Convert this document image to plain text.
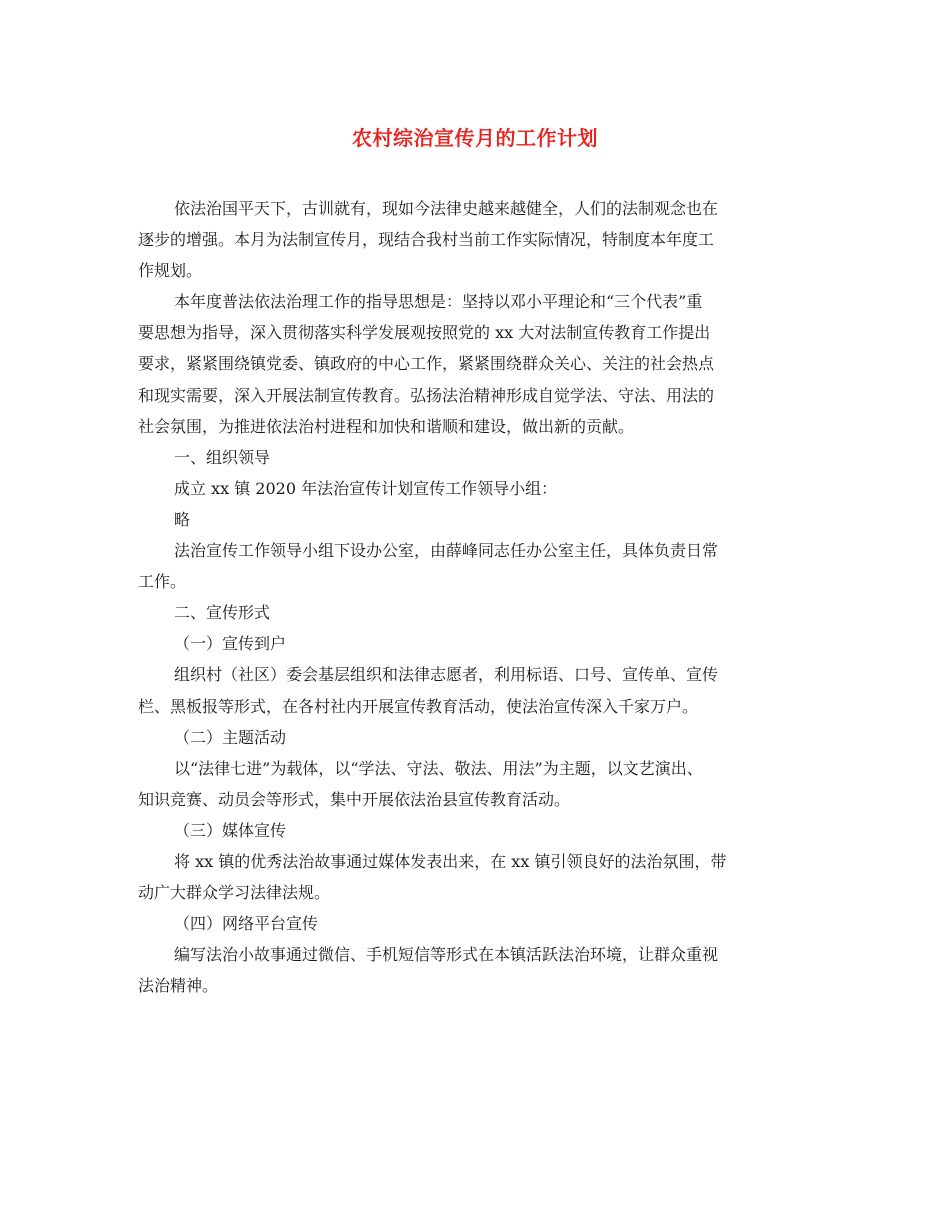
农村综治宣传月的工作计划
依法治国平天下，古训就有，现如今法律史越来越健全，人们的法制观念也在
逐步的增强。本月为法制宣传月，现结合我村当前工作实际情况，特制度本年度工
作规划。
本年度普法依法治理工作的指导思想是：坚持以邓小平理论和“三个代表”重
要思想为指导，深入贯彻落实科学发展观按照党的 xx 大对法制宣传教育工作提出
要求，紧紧围绕镇党委、镇政府的中心工作，紧紧围绕群众关心、关注的社会热点
和现实需要，深入开展法制宣传教育。弘扬法治精神形成自觉学法、守法、用法的
社会氛围，为推进依法治村进程和加快和谐顺和建设，做出新的贡献。
一、组织领导
成立 xx 镇 2020 年法治宣传计划宣传工作领导小组：
略
法治宣传工作领导小组下设办公室，由薛峰同志任办公室主任，具体负责日常
工作。
二、宣传形式
（一）宣传到户
组织村（社区）委会基层组织和法律志愿者，利用标语、口号、宣传单、宣传
栏、黑板报等形式，在各村社内开展宣传教育活动，使法治宣传深入千家万户。
（二）主题活动
以“法律七进”为载体，以“学法、守法、敬法、用法”为主题，以文艺演出、
知识竞赛、动员会等形式，集中开展依法治县宣传教育活动。
（三）媒体宣传
将 xx 镇的优秀法治故事通过媒体发表出来，在 xx 镇引领良好的法治氛围，带
动广大群众学习法律法规。
（四）网络平台宣传
编写法治小故事通过微信、手机短信等形式在本镇活跃法治环境，让群众重视
法治精神。
